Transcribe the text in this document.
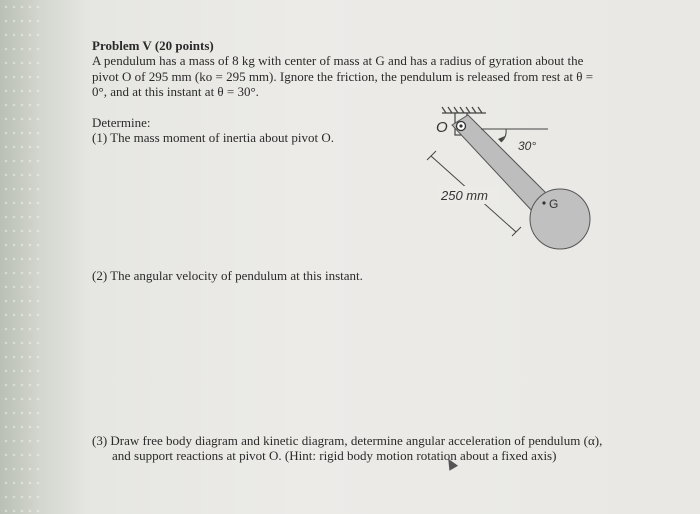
Problem V (20 points)
A pendulum has a mass of 8 kg with center of mass at G and has a radius of gyration about the
pivot O of 295 mm (ko = 295 mm). Ignore the friction, the pendulum is released from rest at θ =
0°, and at this instant at θ = 30°.
Determine:
(1) The mass moment of inertia about pivot O.
(2) The angular velocity of pendulum at this instant.
(3) Draw free body diagram and kinetic diagram, determine angular acceleration of pendulum (α),
and support reactions at pivot O. (Hint: rigid body motion rotation about a fixed axis)
G
30°
O
250 mm
